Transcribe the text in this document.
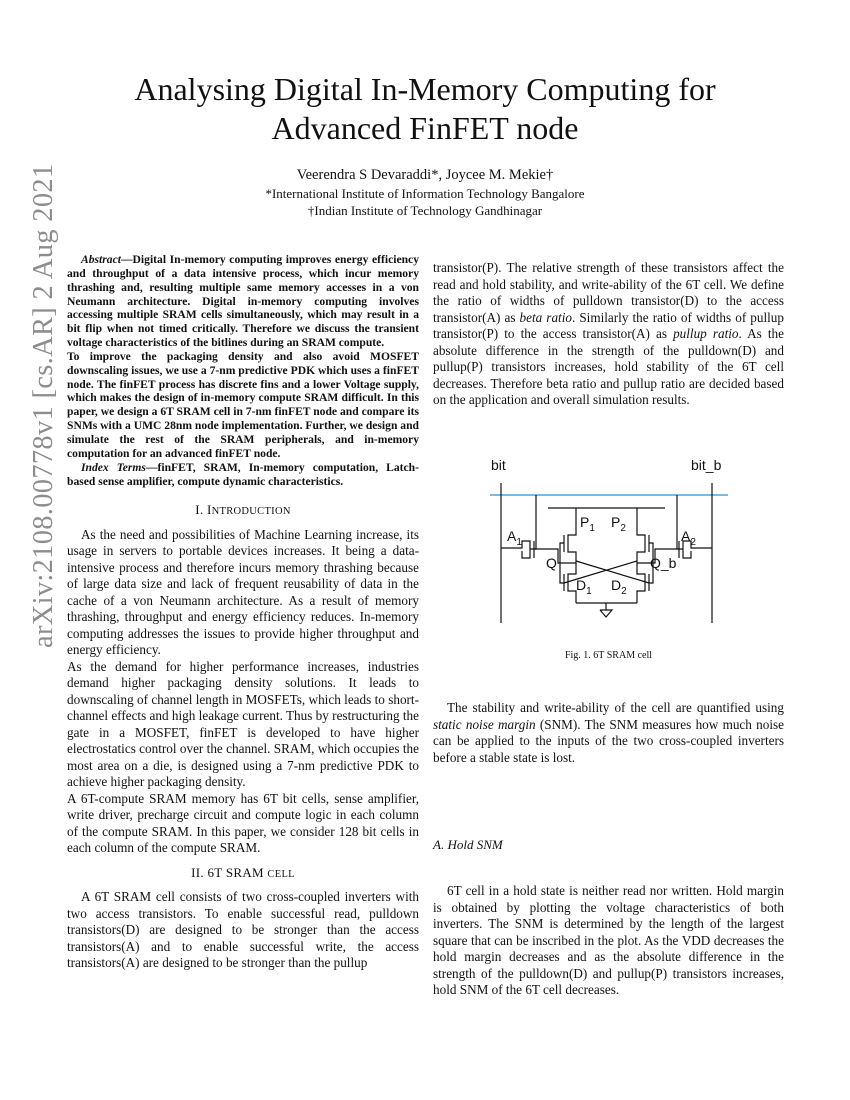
arXiv:2108.00778v1 [cs.AR] 2 Aug 2021
Analysing Digital In-Memory Computing for
Advanced FinFET node
Veerendra S Devaraddi*, Joycee M. Mekie†
*International Institute of Information Technology Bangalore
†Indian Institute of Technology Gandhinagar

Abstract—Digital In-memory computing improves energy efficiency and throughput of a data intensive process, which incur memory thrashing and, resulting multiple same memory accesses in a von Neumann architecture. Digital in-memory computing involves accessing multiple SRAM cells simultaneously, which may result in a bit flip when not timed critically. Therefore we discuss the transient voltage characteristics of the bitlines during an SRAM compute.

To improve the packaging density and also avoid MOSFET downscaling issues, we use a 7-nm predictive PDK which uses a finFET node. The finFET process has discrete fins and a lower Voltage supply, which makes the design of in-memory compute SRAM difficult. In this paper, we design a 6T SRAM cell in 7-nm finFET node and compare its SNMs with a UMC 28nm node implementation. Further, we design and simulate the rest of the SRAM peripherals, and in-memory computation for an advanced finFET node.

Index Terms—finFET, SRAM, In-memory computation, Latch-based sense amplifier, compute dynamic characteristics.

I. INTRODUCTION

As the need and possibilities of Machine Learning increase, its usage in servers to portable devices increases. It being a data-intensive process and therefore incurs memory thrashing because of large data size and lack of frequent reusability of data in the cache of a von Neumann architecture. As a result of memory thrashing, throughput and energy efficiency reduces. In-memory computing addresses the issues to provide higher throughput and energy efficiency.

As the demand for higher performance increases, industries demand higher packaging density solutions. It leads to downscaling of channel length in MOSFETs, which leads to short-channel effects and high leakage current. Thus by restructuring the gate in a MOSFET, finFET is developed to have higher electrostatics control over the channel. SRAM, which occupies the most area on a die, is designed using a 7-nm predictive PDK to achieve higher packaging density.

A 6T-compute SRAM memory has 6T bit cells, sense amplifier, write driver, precharge circuit and compute logic in each column of the compute SRAM. In this paper, we consider 128 bit cells in each column of the compute SRAM.

II. 6T SRAM CELL

A 6T SRAM cell consists of two cross-coupled inverters with two access transistors. To enable successful read, pulldown transistors(D) are designed to be stronger than the access transistors(A) and to enable successful write, the access transistors(A) are designed to be stronger than the pullup

transistor(P). The relative strength of these transistors affect the read and hold stability, and write-ability of the 6T cell. We define the ratio of widths of pulldown transistor(D) to the access transistor(A) as beta ratio. Similarly the ratio of widths of pullup transistor(P) to the access transistor(A) as pullup ratio. As the absolute difference in the strength of the pulldown(D) and pullup(P) transistors increases, hold stability of the 6T cell decreases. Therefore beta ratio and pullup ratio are decided based on the application and overall simulation results.

bit	bit_b
$A_1$	$A_2$
$P_1$ $P_2$
Q	Q_b
$D_1$ $D_2$
Fig. 1. 6T SRAM cell

The stability and write-ability of the cell are quantified using static noise margin (SNM). The SNM measures how much noise can be applied to the inputs of the two cross-coupled inverters before a stable state is lost.

A. Hold SNM

6T cell in a hold state is neither read nor written. Hold margin is obtained by plotting the voltage characteristics of both inverters. The SNM is determined by the length of the largest square that can be inscribed in the plot. As the VDD decreases the hold margin decreases and as the absolute difference in the strength of the pulldown(D) and pullup(P) transistors increases, hold SNM of the 6T cell decreases.
